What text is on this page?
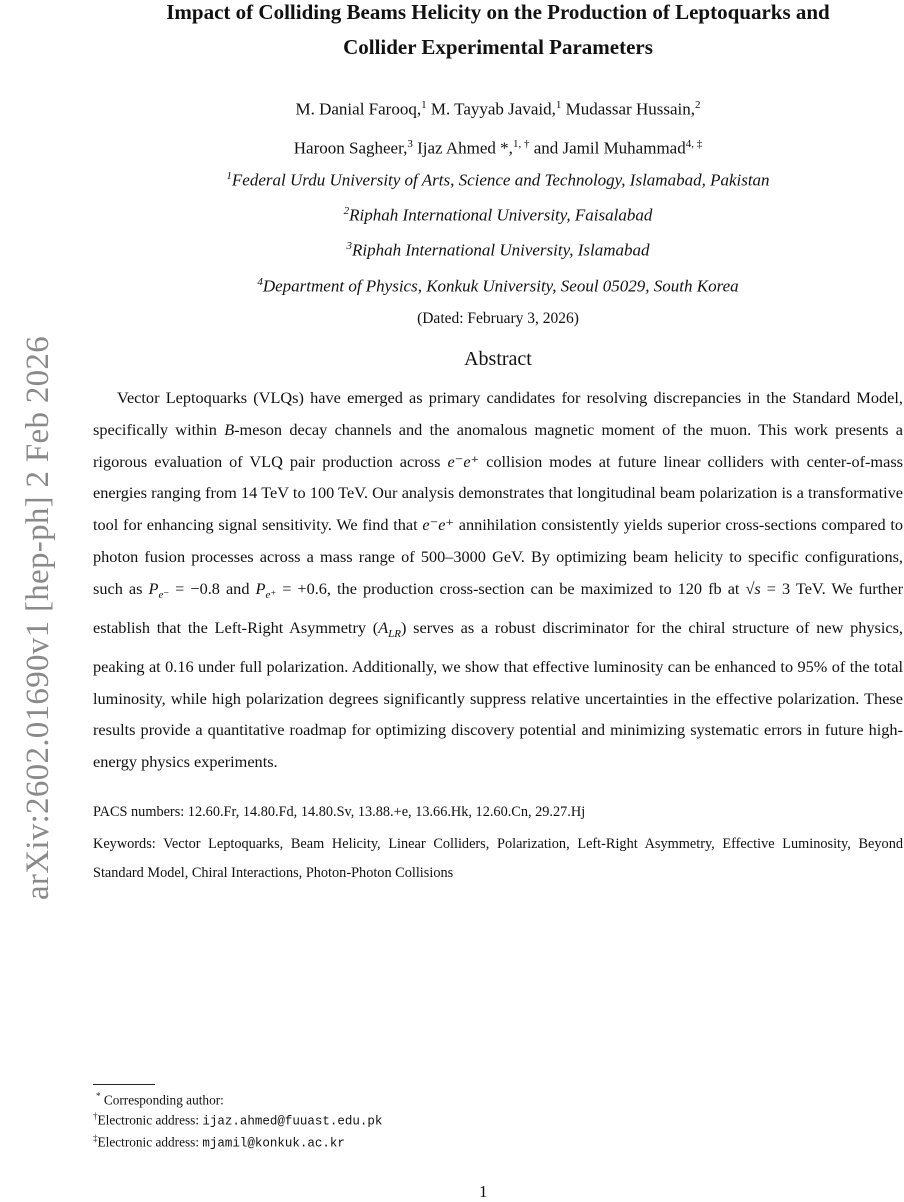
arXiv:2602.01690v1 [hep-ph] 2 Feb 2026
Impact of Colliding Beams Helicity on the Production of Leptoquarks and
Collider Experimental Parameters
M. Danial Farooq,$^1$ M. Tayyab Javaid,$^1$ Mudassar Hussain,$^2$
Haroon Sagheer,$^3$ Ijaz Ahmed *,$^{1, \dagger}$ and Jamil Muhammad$^{4, \ddagger}$
$^1$Federal Urdu University of Arts, Science and Technology, Islamabad, Pakistan
$^2$Riphah International University, Faisalabad
$^3$Riphah International University, Islamabad
$^4$Department of Physics, Konkuk University, Seoul 05029, South Korea
(Dated: February 3, 2026)
Abstract
Vector Leptoquarks (VLQs) have emerged as primary candidates for resolving discrepancies in the Standard Model, specifically within B-meson decay channels and the anomalous magnetic moment of the muon. This work presents a rigorous evaluation of VLQ pair production across e⁻e⁺ collision modes at future linear colliders with center-of-mass energies ranging from 14 TeV to 100 TeV. Our analysis demonstrates that longitudinal beam polarization is a transformative tool for enhancing signal sensitivity. We find that e⁻e⁺ annihilation consistently yields superior cross-sections compared to photon fusion processes across a mass range of 500–3000 GeV. By optimizing beam helicity to specific configurations, such as $P_{e^-} = -0.8$ and $P_{e^+} = +0.6$, the production cross-section can be maximized to 120 fb at √s = 3 TeV. We further establish that the Left-Right Asymmetry $(A_{LR})$ serves as a robust discriminator for the chiral structure of new physics, peaking at 0.16 under full polarization. Additionally, we show that effective luminosity can be enhanced to 95% of the total luminosity, while high polarization degrees significantly suppress relative uncertainties in the effective polarization. These results provide a quantitative roadmap for optimizing discovery potential and minimizing systematic errors in future high-energy physics experiments.
PACS numbers: 12.60.Fr, 14.80.Fd, 14.80.Sv, 13.88.+e, 13.66.Hk, 12.60.Cn, 29.27.Hj
Keywords: Vector Leptoquarks, Beam Helicity, Linear Colliders, Polarization, Left-Right Asymmetry, Effective Luminosity, Beyond Standard Model, Chiral Interactions, Photon-Photon Collisions
* Corresponding author:
†Electronic address: ijaz.ahmed@fuuast.edu.pk
‡Electronic address: mjamil@konkuk.ac.kr
1
